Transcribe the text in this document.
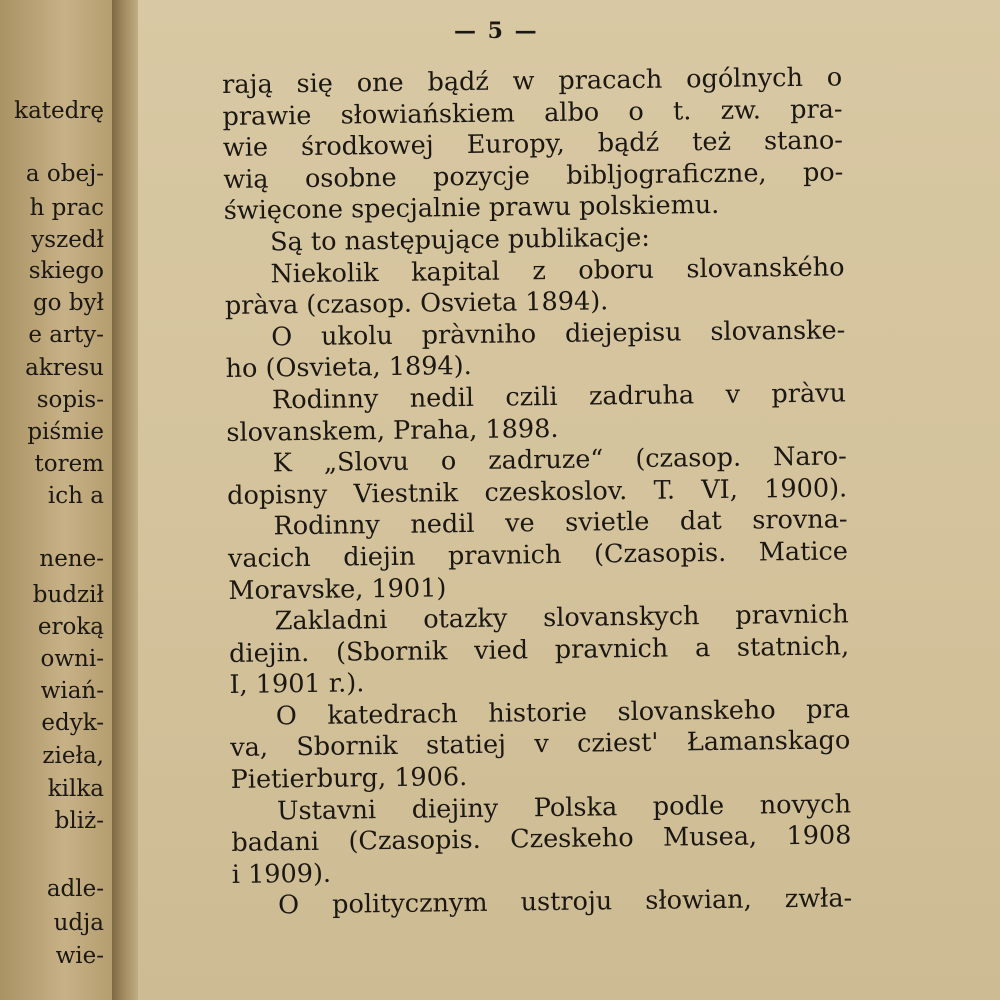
katedrę
a obej-
h prac
yszedł
skiego
go był
e arty-
akresu
sopis-
piśmie
torem
ich a
nene-
budził
eroką
owni-
wiań-
edyk-
zieła,
kilka
bliż-
adle-
udja
wie-
— 5 —
rają się one bądź w pracach ogólnych o
prawie słowiańskiem albo o t. zw. pra-
wie środkowej Europy, bądź też stano-
wią osobne pozycje bibljograficzne, po-
święcone specjalnie prawu polskiemu.
Są to następujące publikacje:
Niekolik kapital z oboru slovanského
pràva (czasop. Osvieta 1894).
O ukolu pràvniho diejepisu slovanske-
ho (Osvieta, 1894).
Rodinny nedil czili zadruha v pràvu
slovanskem, Praha, 1898.
K „Slovu o zadruze“ (czasop. Naro-
dopisny Viestnik czeskoslov. T. VI, 1900).
Rodinny nedil ve svietle dat srovna-
vacich diejin pravnich (Czasopis. Matice
Moravske, 1901)
Zakladni otazky slovanskych pravnich
diejin. (Sbornik vied pravnich a statnich,
I, 1901 r.).
O katedrach historie slovanskeho pra
va, Sbornik statiej v cziest' Łamanskago
Pietierburg, 1906.
Ustavni diejiny Polska podle novych
badani (Czasopis. Czeskeho Musea, 1908
i 1909).
O politycznym ustroju słowian, zwła-
